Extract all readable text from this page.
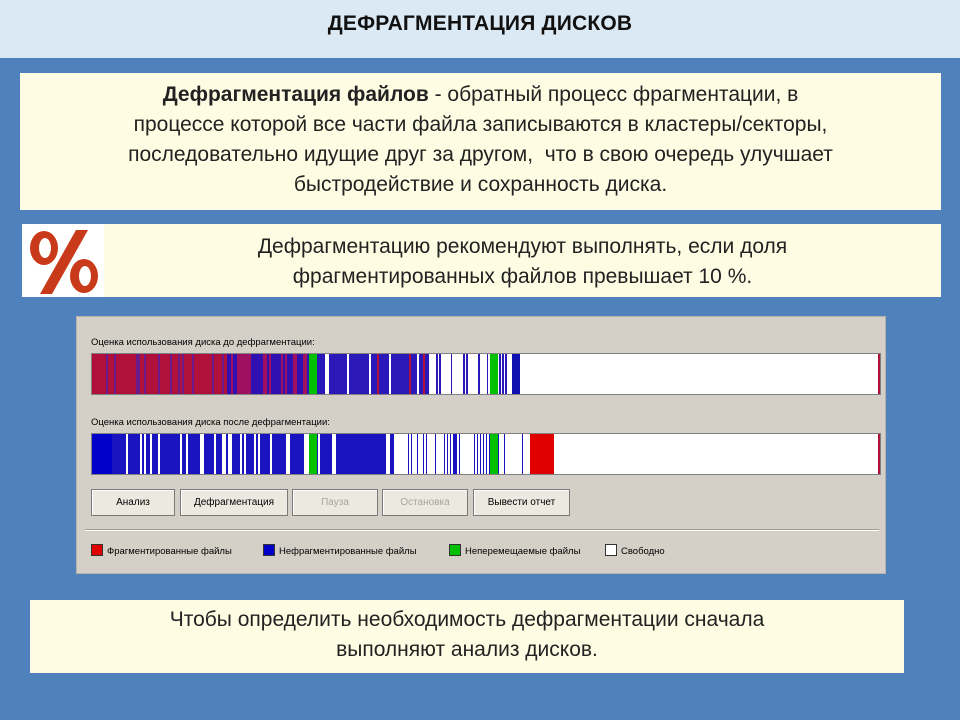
ДЕФРАГМЕНТАЦИЯ ДИСКОВ
Дефрагментация файлов - обратный процесс фрагментации, в
процессе которой все части файла записываются в кластеры/секторы,
последовательно идущие друг за другом,  что в свою очередь улучшает
быстродействие и сохранность диска.
Дефрагментацию рекомендуют выполнять, если доля
фрагментированных файлов превышает 10 %.
Оценка использования диска до дефрагментации:
Оценка использования диска после дефрагментации:
Анализ	Дефрагментация	Пауза	Остановка	Вывести отчет
Фрагментированные файлы	Нефрагментированные файлы	Неперемещаемые файлы	Свободно
Чтобы определить необходимость дефрагментации сначала
выполняют анализ дисков.
